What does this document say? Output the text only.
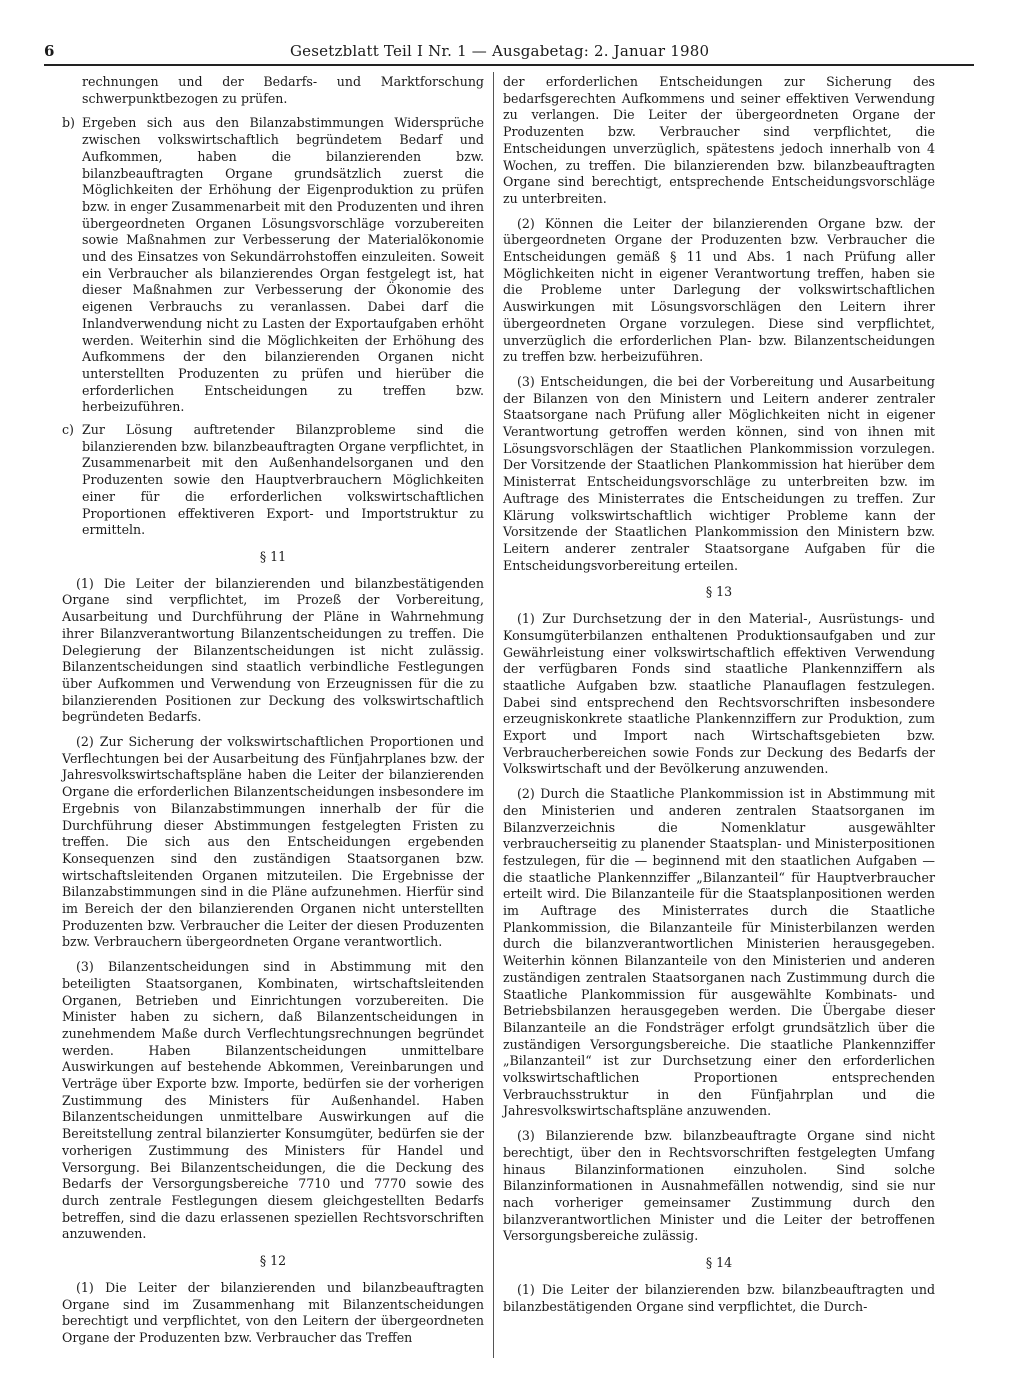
6	Gesetzblatt Teil I Nr. 1 — Ausgabetag: 2. Januar 1980

rechnungen und der Bedarfs- und Marktforschung schwerpunktbezogen zu prüfen.

b) Ergeben sich aus den Bilanzabstimmungen Widersprüche zwischen volkswirtschaftlich begründetem Bedarf und Aufkommen, haben die bilanzierenden bzw. bilanzbeauftragten Organe grundsätzlich zuerst die Möglichkeiten der Erhöhung der Eigenproduktion zu prüfen bzw. in enger Zusammenarbeit mit den Produzenten und ihren übergeordneten Organen Lösungsvorschläge vorzubereiten sowie Maßnahmen zur Verbesserung der Materialökonomie und des Einsatzes von Sekundärrohstoffen einzuleiten. Soweit ein Verbraucher als bilanzierendes Organ festgelegt ist, hat dieser Maßnahmen zur Verbesserung der Ökonomie des eigenen Verbrauchs zu veranlassen. Dabei darf die Inlandverwendung nicht zu Lasten der Exportaufgaben erhöht werden. Weiterhin sind die Möglichkeiten der Erhöhung des Aufkommens der den bilanzierenden Organen nicht unterstellten Produzenten zu prüfen und hierüber die erforderlichen Entscheidungen zu treffen bzw. herbeizuführen.
c) Zur Lösung auftretender Bilanzprobleme sind die bilanzierenden bzw. bilanzbeauftragten Organe verpflichtet, in Zusammenarbeit mit den Außenhandelsorganen und den Produzenten sowie den Hauptverbrauchern Möglichkeiten einer für die erforderlichen volkswirtschaftlichen Proportionen effektiveren Export- und Importstruktur zu ermitteln.
§ 11

(1) Die Leiter der bilanzierenden und bilanzbestätigenden Organe sind verpflichtet, im Prozeß der Vorbereitung, Ausarbeitung und Durchführung der Pläne in Wahrnehmung ihrer Bilanzverantwortung Bilanzentscheidungen zu treffen. Die Delegierung der Bilanzentscheidungen ist nicht zulässig. Bilanzentscheidungen sind staatlich verbindliche Festlegungen über Aufkommen und Verwendung von Erzeugnissen für die zu bilanzierenden Positionen zur Deckung des volkswirtschaftlich begründeten Bedarfs.

(2) Zur Sicherung der volkswirtschaftlichen Proportionen und Verflechtungen bei der Ausarbeitung des Fünfjahrplanes bzw. der Jahresvolkswirtschaftspläne haben die Leiter der bilanzierenden Organe die erforderlichen Bilanzentscheidungen insbesondere im Ergebnis von Bilanzabstimmungen innerhalb der für die Durchführung dieser Abstimmungen festgelegten Fristen zu treffen. Die sich aus den Entscheidungen ergebenden Konsequenzen sind den zuständigen Staatsorganen bzw. wirtschaftsleitenden Organen mitzuteilen. Die Ergebnisse der Bilanzabstimmungen sind in die Pläne aufzunehmen. Hierfür sind im Bereich der den bilanzierenden Organen nicht unterstellten Produzenten bzw. Verbraucher die Leiter der diesen Produzenten bzw. Verbrauchern übergeordneten Organe verantwortlich.

(3) Bilanzentscheidungen sind in Abstimmung mit den beteiligten Staatsorganen, Kombinaten, wirtschaftsleitenden Organen, Betrieben und Einrichtungen vorzubereiten. Die Minister haben zu sichern, daß Bilanzentscheidungen in zunehmendem Maße durch Verflechtungsrechnungen begründet werden. Haben Bilanzentscheidungen unmittelbare Auswirkungen auf bestehende Abkommen, Vereinbarungen und Verträge über Exporte bzw. Importe, bedürfen sie der vorherigen Zustimmung des Ministers für Außenhandel. Haben Bilanzentscheidungen unmittelbare Auswirkungen auf die Bereitstellung zentral bilanzierter Konsumgüter, bedürfen sie der vorherigen Zustimmung des Ministers für Handel und Versorgung. Bei Bilanzentscheidungen, die die Deckung des Bedarfs der Versorgungsbereiche 7710 und 7770 sowie des durch zentrale Festlegungen diesem gleichgestellten Bedarfs betreffen, sind die dazu erlassenen speziellen Rechtsvorschriften anzuwenden.

§ 12

(1) Die Leiter der bilanzierenden und bilanzbeauftragten Organe sind im Zusammenhang mit Bilanzentscheidungen berechtigt und verpflichtet, von den Leitern der übergeordneten Organe der Produzenten bzw. Verbraucher das Treffen

der erforderlichen Entscheidungen zur Sicherung des bedarfsgerechten Aufkommens und seiner effektiven Verwendung zu verlangen. Die Leiter der übergeordneten Organe der Produzenten bzw. Verbraucher sind verpflichtet, die Entscheidungen unverzüglich, spätestens jedoch innerhalb von 4 Wochen, zu treffen. Die bilanzierenden bzw. bilanzbeauftragten Organe sind berechtigt, entsprechende Entscheidungsvorschläge zu unterbreiten.

(2) Können die Leiter der bilanzierenden Organe bzw. der übergeordneten Organe der Produzenten bzw. Verbraucher die Entscheidungen gemäß § 11 und Abs. 1 nach Prüfung aller Möglichkeiten nicht in eigener Verantwortung treffen, haben sie die Probleme unter Darlegung der volkswirtschaftlichen Auswirkungen mit Lösungsvorschlägen den Leitern ihrer übergeordneten Organe vorzulegen. Diese sind verpflichtet, unverzüglich die erforderlichen Plan- bzw. Bilanzentscheidungen zu treffen bzw. herbeizuführen.

(3) Entscheidungen, die bei der Vorbereitung und Ausarbeitung der Bilanzen von den Ministern und Leitern anderer zentraler Staatsorgane nach Prüfung aller Möglichkeiten nicht in eigener Verantwortung getroffen werden können, sind von ihnen mit Lösungsvorschlägen der Staatlichen Plankommission vorzulegen. Der Vorsitzende der Staatlichen Plankommission hat hierüber dem Ministerrat Entscheidungsvorschläge zu unterbreiten bzw. im Auftrage des Ministerrates die Entscheidungen zu treffen. Zur Klärung volkswirtschaftlich wichtiger Probleme kann der Vorsitzende der Staatlichen Plankommission den Ministern bzw. Leitern anderer zentraler Staatsorgane Aufgaben für die Entscheidungsvorbereitung erteilen.

§ 13

(1) Zur Durchsetzung der in den Material-, Ausrüstungs- und Konsumgüterbilanzen enthaltenen Produktionsaufgaben und zur Gewährleistung einer volkswirtschaftlich effektiven Verwendung der verfügbaren Fonds sind staatliche Plankennziffern als staatliche Aufgaben bzw. staatliche Planauflagen festzulegen. Dabei sind entsprechend den Rechtsvorschriften insbesondere erzeugniskonkrete staatliche Plankennziffern zur Produktion, zum Export und Import nach Wirtschaftsgebieten bzw. Verbraucherbereichen sowie Fonds zur Deckung des Bedarfs der Volkswirtschaft und der Bevölkerung anzuwenden.

(2) Durch die Staatliche Plankommission ist in Abstimmung mit den Ministerien und anderen zentralen Staatsorganen im Bilanzverzeichnis die Nomenklatur ausgewählter verbraucherseitig zu planender Staatsplan- und Ministerpositionen festzulegen, für die — beginnend mit den staatlichen Aufgaben — die staatliche Plankennziffer „Bilanzanteil“ für Hauptverbraucher erteilt wird. Die Bilanzanteile für die Staatsplanpositionen werden im Auftrage des Ministerrates durch die Staatliche Plankommission, die Bilanzanteile für Ministerbilanzen werden durch die bilanzverantwortlichen Ministerien herausgegeben. Weiterhin können Bilanzanteile von den Ministerien und anderen zuständigen zentralen Staatsorganen nach Zustimmung durch die Staatliche Plankommission für ausgewählte Kombinats- und Betriebsbilanzen herausgegeben werden. Die Übergabe dieser Bilanzanteile an die Fondsträger erfolgt grundsätzlich über die zuständigen Versorgungsbereiche. Die staatliche Plankennziffer „Bilanzanteil“ ist zur Durchsetzung einer den erforderlichen volkswirtschaftlichen Proportionen entsprechenden Verbrauchsstruktur in den Fünfjahrplan und die Jahresvolkswirtschaftspläne anzuwenden.

(3) Bilanzierende bzw. bilanzbeauftragte Organe sind nicht berechtigt, über den in Rechtsvorschriften festgelegten Umfang hinaus Bilanzinformationen einzuholen. Sind solche Bilanzinformationen in Ausnahmefällen notwendig, sind sie nur nach vorheriger gemeinsamer Zustimmung durch den bilanzverantwortlichen Minister und die Leiter der betroffenen Versorgungsbereiche zulässig.

§ 14

(1) Die Leiter der bilanzierenden bzw. bilanzbeauftragten und bilanzbestätigenden Organe sind verpflichtet, die Durch-
